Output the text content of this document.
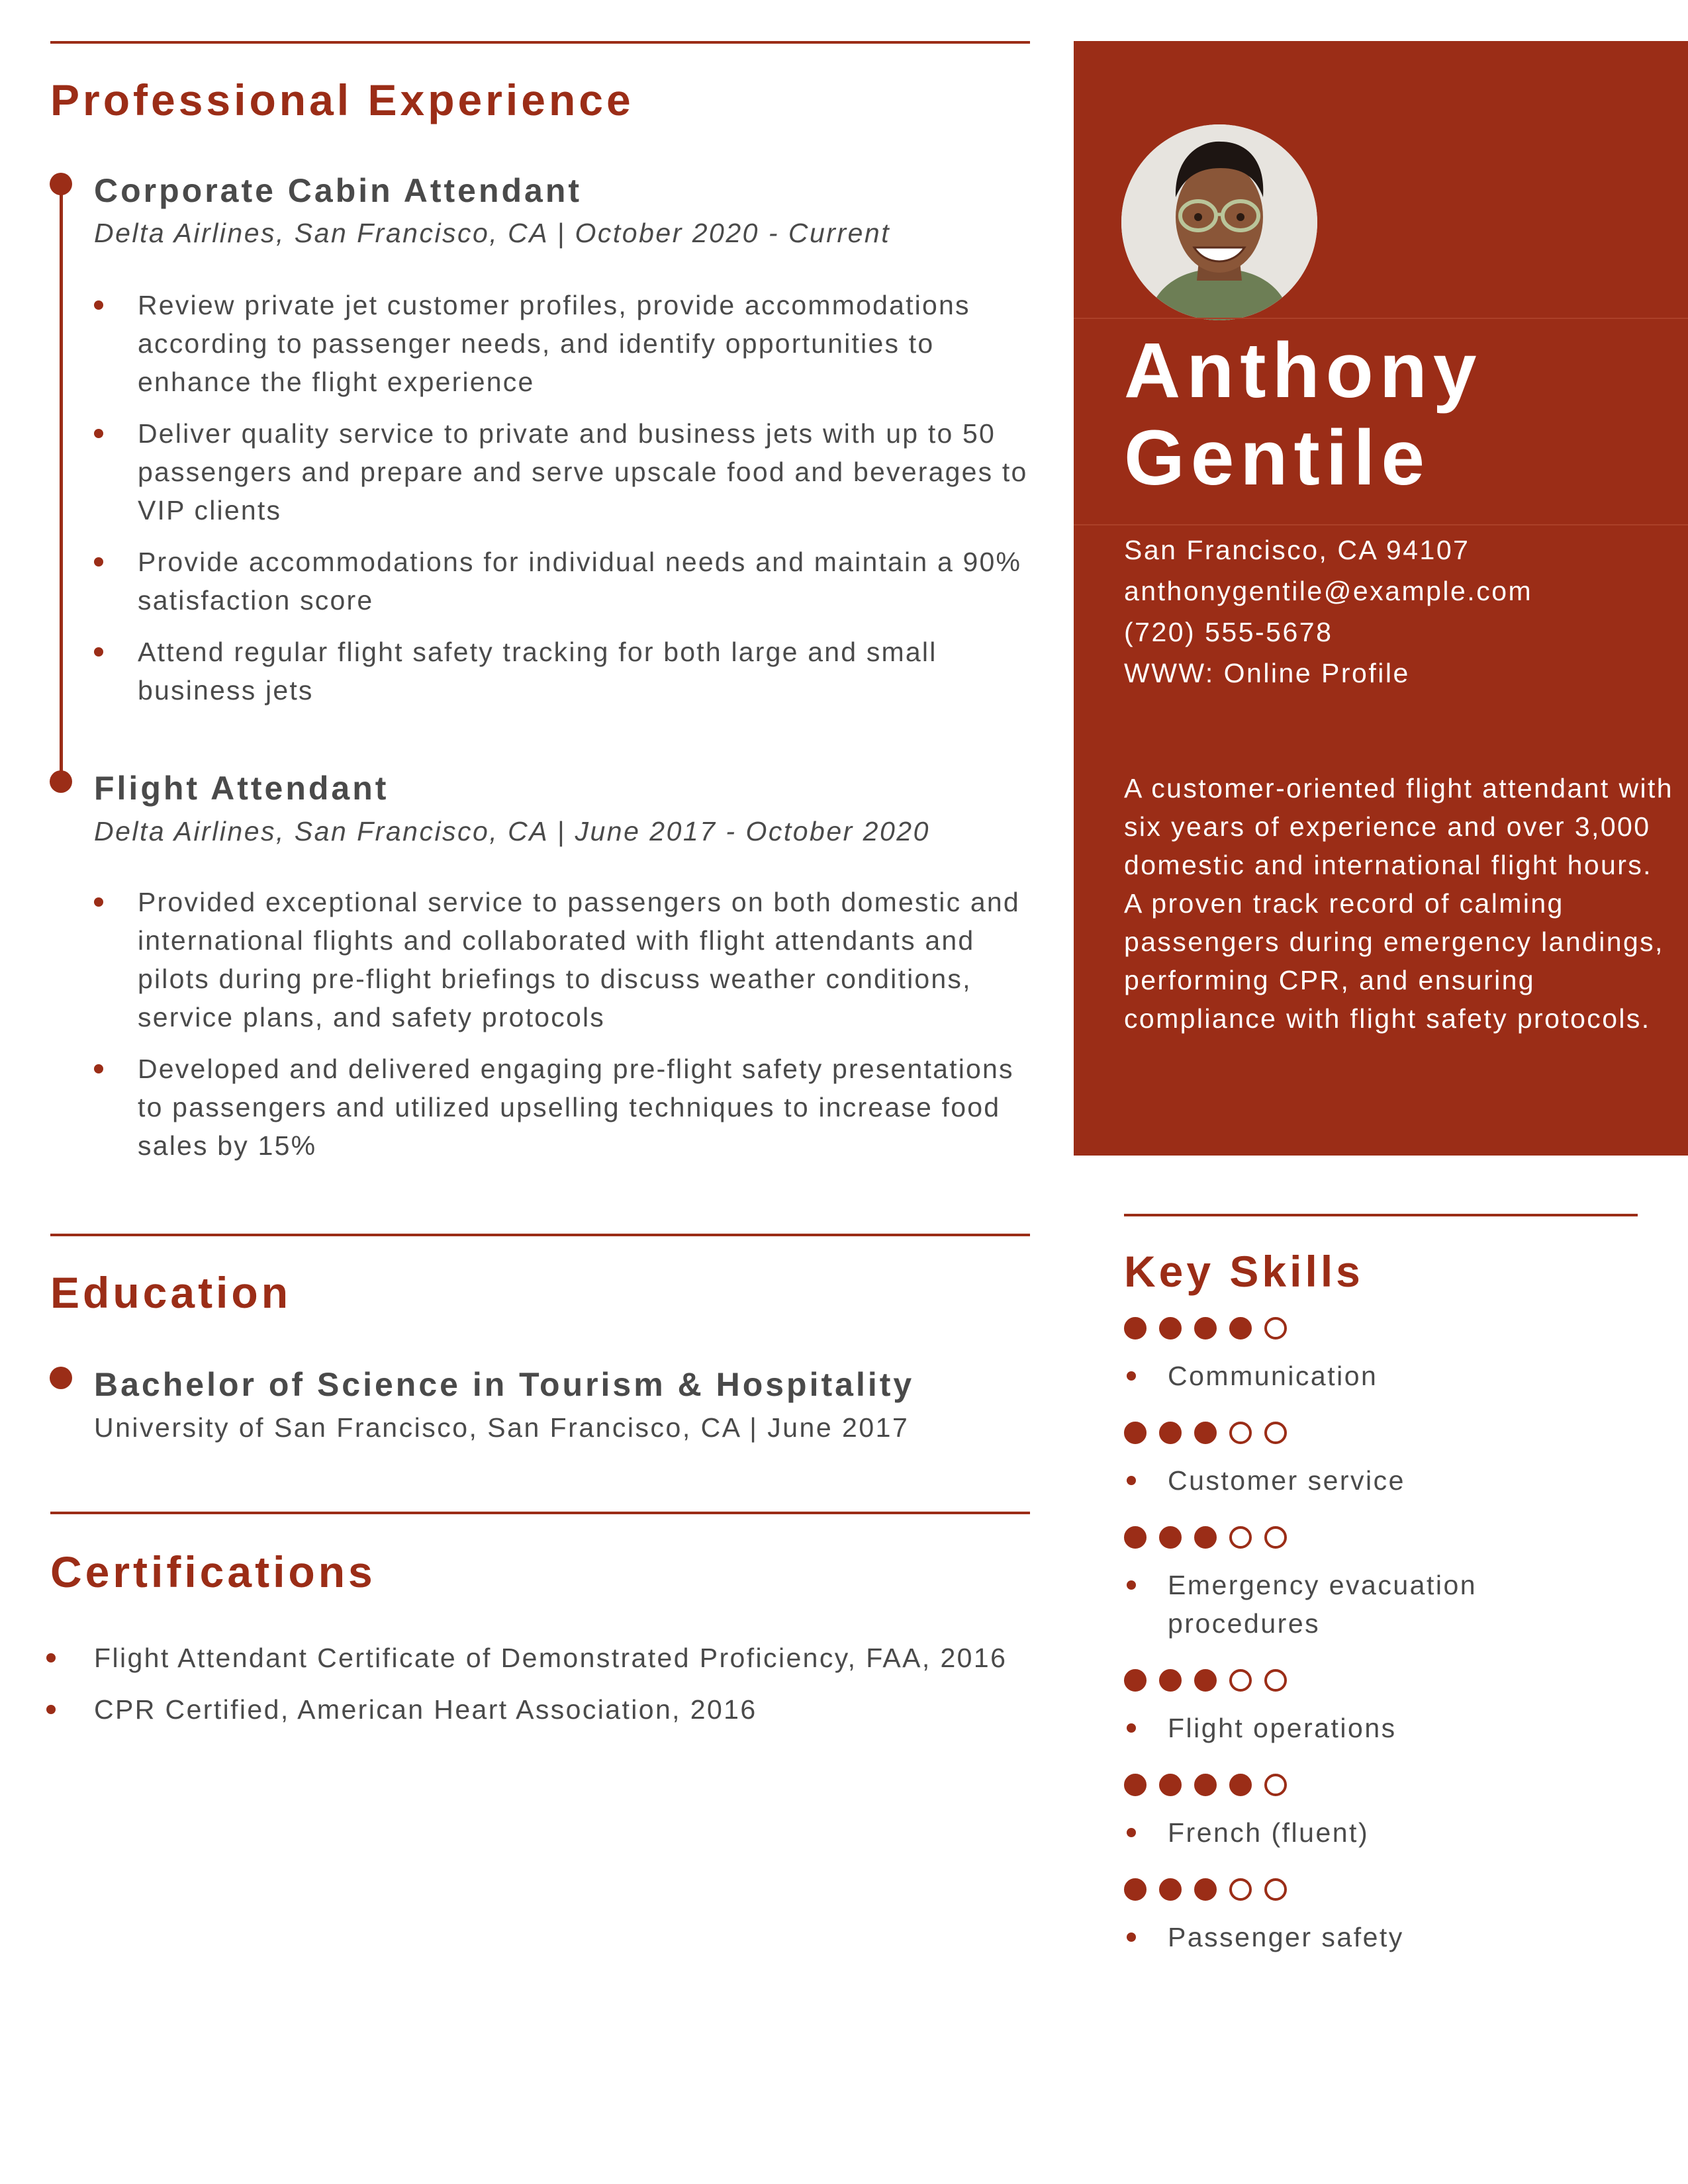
Professional Experience
Corporate Cabin Attendant
Delta Airlines, San Francisco, CA | October 2020 - Current
Review private jet customer profiles, provide accommodations according to passenger needs, and identify opportunities to enhance the flight experience
Deliver quality service to private and business jets with up to 50 passengers and prepare and serve upscale food and beverages to VIP clients
Provide accommodations for individual needs and maintain a 90% satisfaction score
Attend regular flight safety tracking for both large and small business jets
Flight Attendant
Delta Airlines, San Francisco, CA | June 2017 - October 2020
Provided exceptional service to passengers on both domestic and international flights and collaborated with flight attendants and pilots during pre-flight briefings to discuss weather conditions, service plans, and safety protocols
Developed and delivered engaging pre-flight safety presentations to passengers and utilized upselling techniques to increase food sales by 15%
Education
Bachelor of Science in Tourism & Hospitality
University of San Francisco, San Francisco, CA | June 2017
Certifications
Flight Attendant Certificate of Demonstrated Proficiency, FAA, 2016
CPR Certified, American Heart Association, 2016
Anthony
Gentile
San Francisco, CA 94107
anthonygentile@example.com
(720) 555-5678
WWW: Online Profile

A customer-oriented flight attendant with six years of experience and over 3,000 domestic and international flight hours. A proven track record of calming passengers during emergency landings, performing CPR, and ensuring compliance with flight safety protocols.

Key Skills
Communication
Customer service
Emergency evacuation procedures
Flight operations
French (fluent)
Passenger safety
